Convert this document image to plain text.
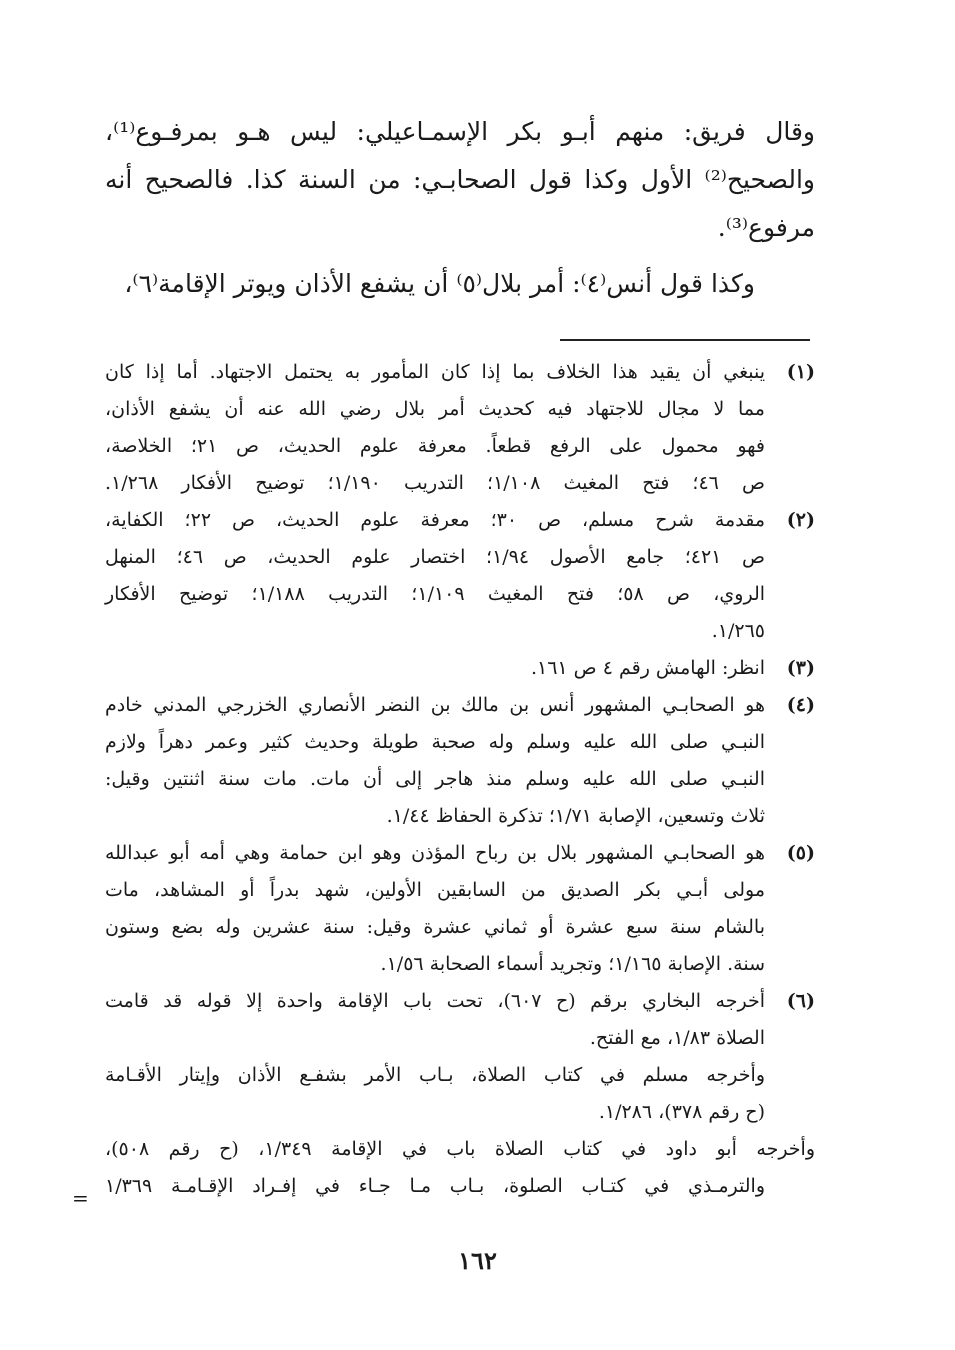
وقال فريق: منهم أبـو بكر الإسمـاعيلي: ليس هـو بمرفـوع⁽¹⁾،
والصحيح⁽²⁾ الأول وكذا قول الصحابـي: من السنة كذا. فالصحيح أنه
مرفوع⁽³⁾.
وكذا قول أنس⁽٤⁾: أمر بلال⁽٥⁾ أن يشفع الأذان ويوتر الإقامة⁽٦⁾،
(١)
ينبغي أن يقيد هذا الخلاف بما إذا كان المأمور به يحتمل الاجتهاد. أما إذا كان
مما لا مجال للاجتهاد فيه كحديث أمر بلال رضي الله عنه أن يشفع الأذان،
فهو محمول على الرفع قطعاً. معرفة علوم الحديث، ص ٢١؛ الخلاصة،
ص ٤٦؛ فتح المغيث ١/١٠٨؛ التدريب ١/١٩٠؛ توضيح الأفكار ١/٢٦٨.
(٢)
مقدمة شرح مسلم، ص ٣٠؛ معرفة علوم الحديث، ص ٢٢؛ الكفاية،
ص ٤٢١؛ جامع الأصول ١/٩٤؛ اختصار علوم الحديث، ص ٤٦؛ المنهل
الروي، ص ٥٨؛ فتح المغيث ١/١٠٩؛ التدريب ١/١٨٨؛ توضيح الأفكار
١/٢٦٥.
(٣)
انظر: الهامش رقم ٤ ص ١٦١.
(٤)
هو الصحابـي المشهور أنس بن مالك بن النضر الأنصاري الخزرجي المدني خادم
النبـي صلى الله عليه وسلم وله صحبة طويلة وحديث كثير وعمر دهراً ولازم
النبـي صلى الله عليه وسلم منذ هاجر إلى أن مات. مات سنة اثنتين وقيل:
ثلاث وتسعين، الإصابة ١/٧١؛ تذكرة الحفاظ ١/٤٤.
(٥)
هو الصحابـي المشهور بلال بن رباح المؤذن وهو ابن حمامة وهي أمه أبو عبدالله
مولى أبـي بكر الصديق من السابقين الأولين، شهد بدراً أو المشاهد، مات
بالشام سنة سبع عشرة أو ثماني عشرة وقيل: سنة عشرين وله بضع وستون
سنة. الإصابة ١/١٦٥؛ وتجريد أسماء الصحابة ١/٥٦.
(٦)
أخرجه البخاري برقم (ح ٦٠٧)، تحت باب الإقامة واحدة إلا قوله قد قامت
الصلاة ١/٨٣، مع الفتح.
وأخرجه مسلم في كتاب الصلاة، بـاب الأمر بشفـع الأذان وإيتار الأقـامة
(ح رقم ٣٧٨)، ١/٢٨٦.
وأخرجه أبو داود في كتاب الصلاة باب في الإقامة ١/٣٤٩، (ح رقم ٥٠٨)،
والترمـذي في كتـاب الصلوة، بـاب مـا جـاء في إفـراد الإقـامـة ١/٣٦٩
=
١٦٢
